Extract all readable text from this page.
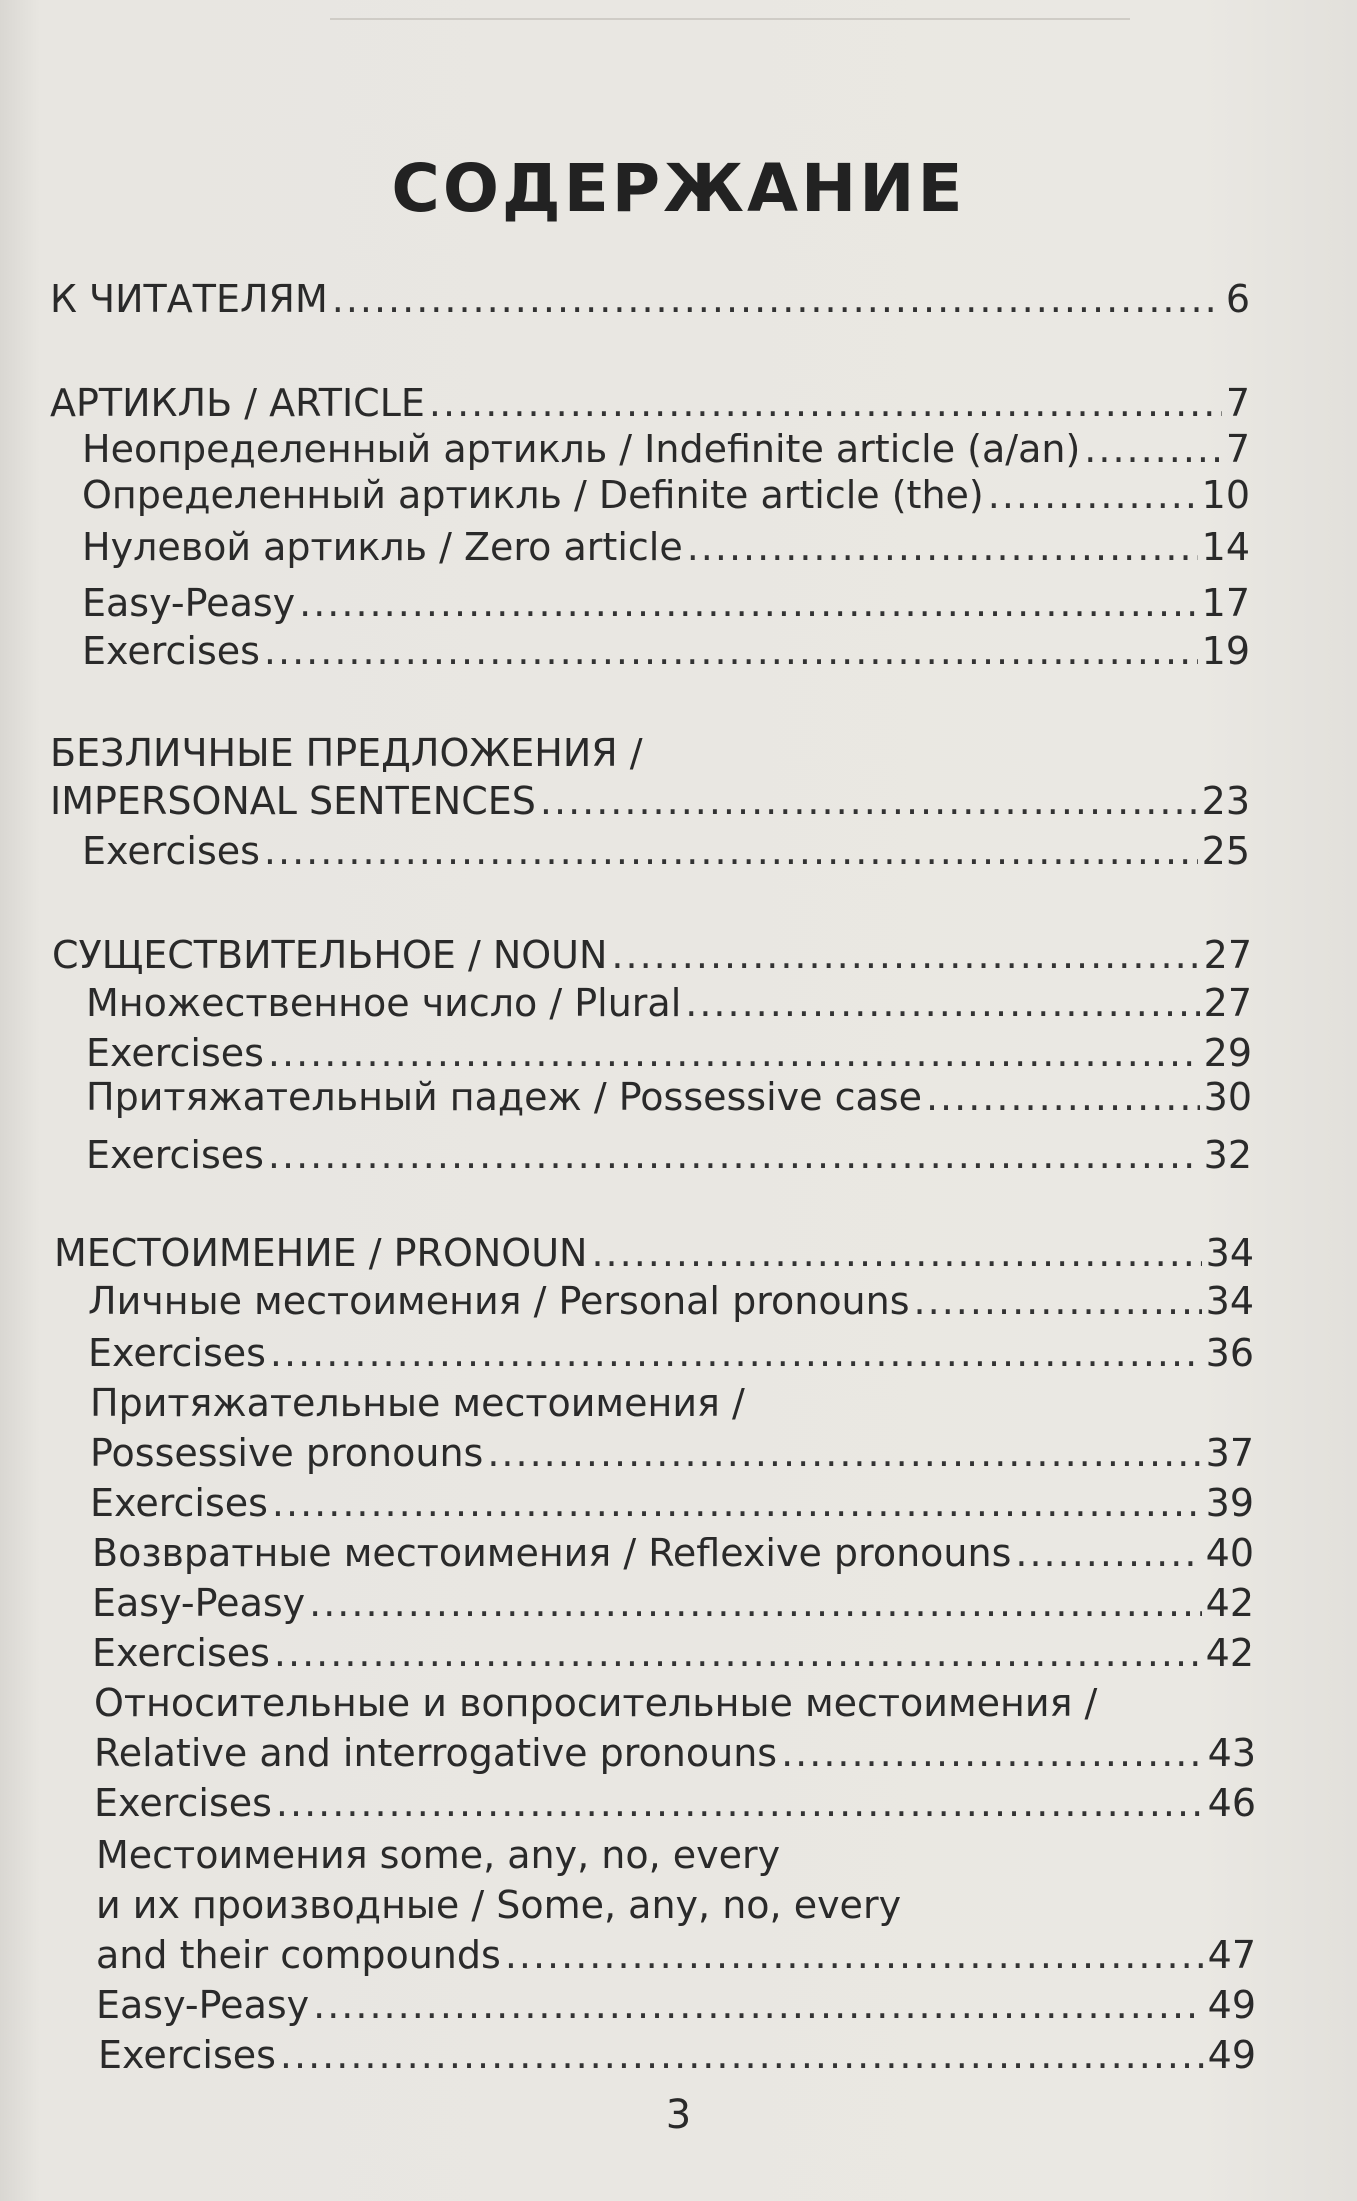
СОДЕРЖАНИЕ
К ЧИТАТЕЛЯМ .....	6
АРТИКЛЬ / ARTICLE .....	7
Неопределенный артикль / Indefinite article (a/an) .....	7
Определенный артикль / Definite article (the) .....	10
Нулевой артикль / Zero article .....	14
Easy-Peasy .....	17
Exercises .....	19
БЕЗЛИЧНЫЕ ПРЕДЛОЖЕНИЯ /
IMPERSONAL SENTENCES .....	23
Exercises .....	25
СУЩЕСТВИТЕЛЬНОЕ / NOUN .....	27
Множественное число / Plural .....	27
Exercises .....	29
Притяжательный падеж / Possessive case .....	30
Exercises .....	32
МЕСТОИМЕНИЕ / PRONOUN .....	34
Личные местоимения / Personal pronouns .....	34
Exercises .....	36
Притяжательные местоимения /
Possessive pronouns .....	37
Exercises .....	39
Возвратные местоимения / Reflexive pronouns .....	40
Easy-Peasy .....	42
Exercises .....	42
Относительные и вопросительные местоимения /
Relative and interrogative pronouns .....	43
Exercises .....	46
Местоимения some, any, no, every
и их производные / Some, any, no, every
and their compounds .....	47
Easy-Peasy .....	49
Exercises .....	49
3
